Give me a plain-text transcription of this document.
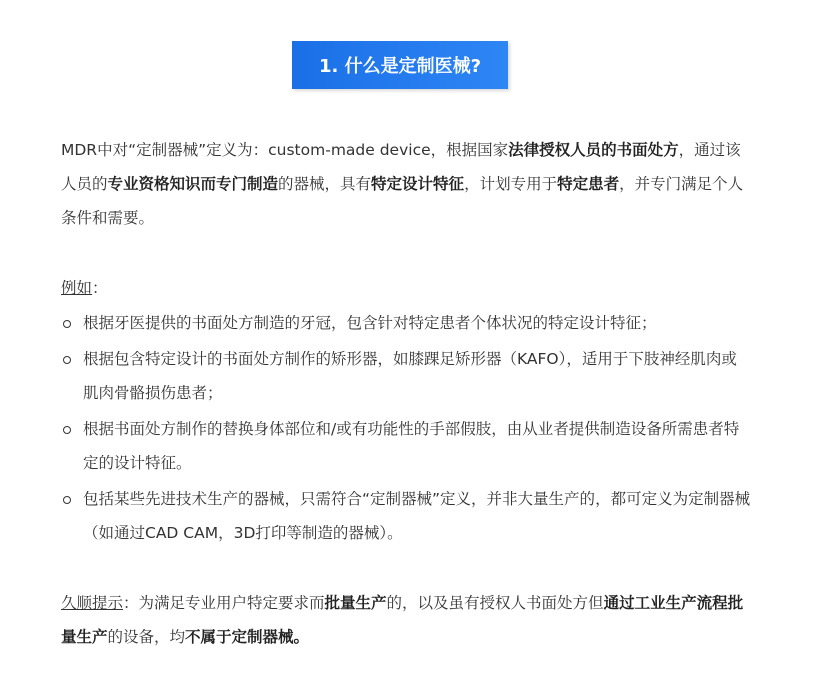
1. 什么是定制医械?

MDR中对“定制器械”定义为：custom-made device，根据国家法律授权人员的书面处方，通过该人员的专业资格知识而专门制造的器械，具有特定设计特征，计划专用于特定患者，并专门满足个人条件和需要。

例如：

根据牙医提供的书面处方制造的牙冠，包含针对特定患者个体状况的特定设计特征；
根据包含特定设计的书面处方制作的矫形器，如膝踝足矫形器（KAFO），适用于下肢神经肌肉或肌肉骨骼损伤患者；
根据书面处方制作的替换身体部位和/或有功能性的手部假肢，由从业者提供制造设备所需患者特定的设计特征。
包括某些先进技术生产的器械，只需符合“定制器械”定义，并非大量生产的，都可定义为定制器械（如通过CAD CAM，3D打印等制造的器械）。

久顺提示：为满足专业用户特定要求而批量生产的，以及虽有授权人书面处方但通过工业生产流程批量生产的设备，均不属于定制器械。
